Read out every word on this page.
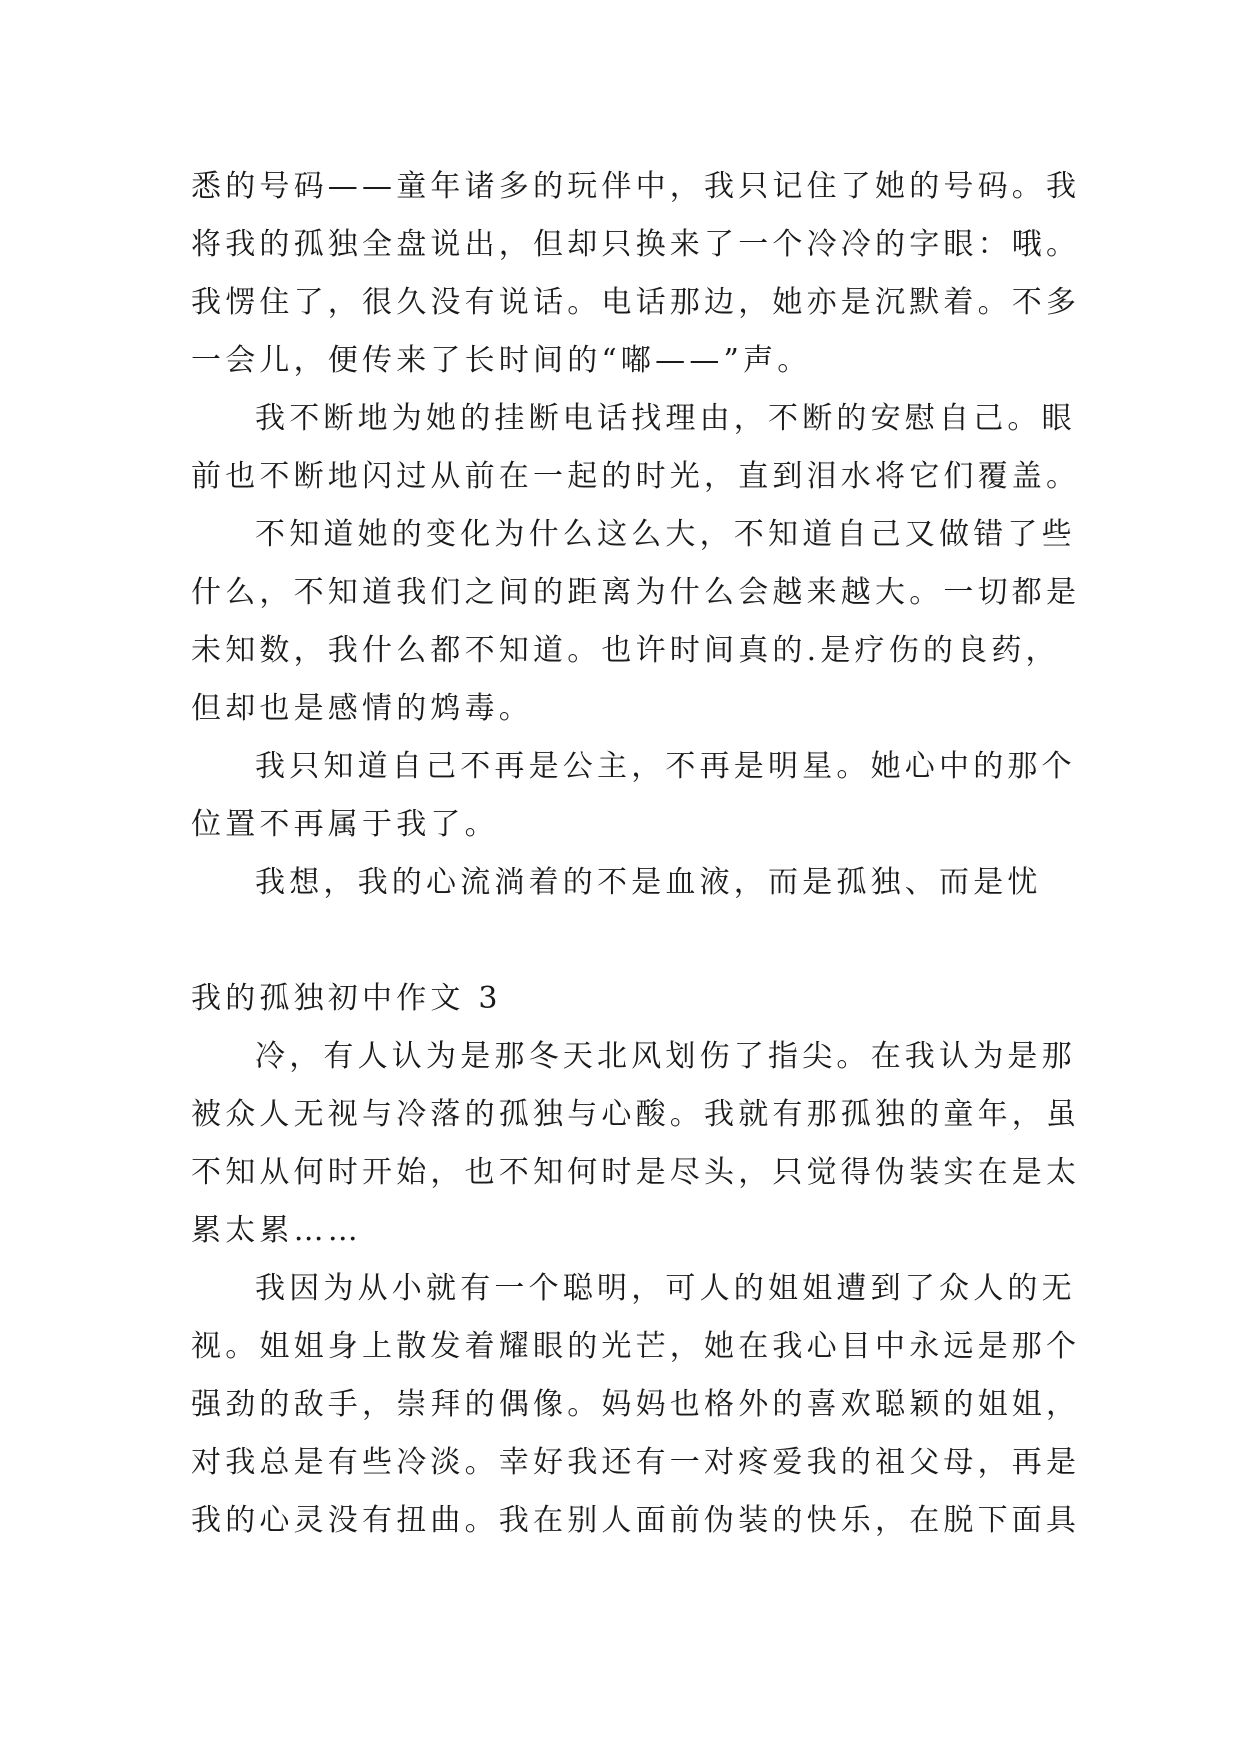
悉的号码——童年诸多的玩伴中，我只记住了她的号码。我
将我的孤独全盘说出，但却只换来了一个冷冷的字眼：哦。
我愣住了，很久没有说话。电话那边，她亦是沉默着。不多
一会儿，便传来了长时间的“嘟——”声。
我不断地为她的挂断电话找理由，不断的安慰自己。眼
前也不断地闪过从前在一起的时光，直到泪水将它们覆盖。
不知道她的变化为什么这么大，不知道自己又做错了些
什么，不知道我们之间的距离为什么会越来越大。一切都是
未知数，我什么都不知道。也许时间真的.是疗伤的良药，
但却也是感情的鸩毒。
我只知道自己不再是公主，不再是明星。她心中的那个
位置不再属于我了。
我想，我的心流淌着的不是血液，而是孤独、而是忧
我的孤独初中作文 3
冷，有人认为是那冬天北风划伤了指尖。在我认为是那
被众人无视与冷落的孤独与心酸。我就有那孤独的童年，虽
不知从何时开始，也不知何时是尽头，只觉得伪装实在是太
累太累……
我因为从小就有一个聪明，可人的姐姐遭到了众人的无
视。姐姐身上散发着耀眼的光芒，她在我心目中永远是那个
强劲的敌手，崇拜的偶像。妈妈也格外的喜欢聪颖的姐姐，
对我总是有些冷淡。幸好我还有一对疼爱我的祖父母，再是
我的心灵没有扭曲。我在别人面前伪装的快乐，在脱下面具
